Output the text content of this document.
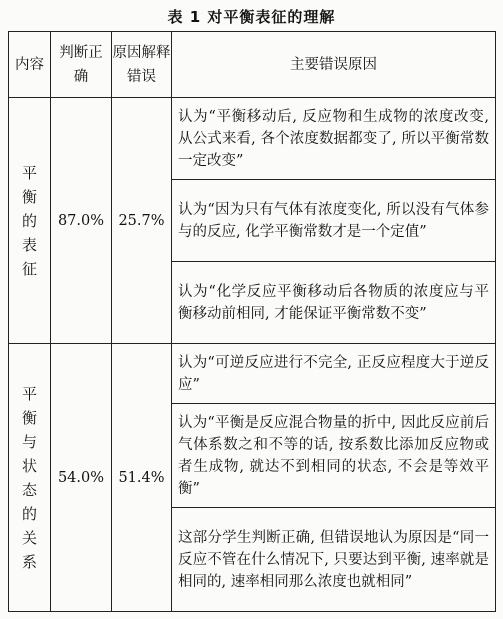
表 1 对平衡表征的理解
内容	判断正确	原因解释错误	主要错误原因

平衡的表征	87.0%	25.7%	认为“平衡移动后, 反应物和生成物的浓度改变, 从公式来看, 各个浓度数据都变了, 所以平衡常数一定改变”
			认为“因为只有气体有浓度变化, 所以没有气体参与的反应, 化学平衡常数才是一个定值”
			认为“化学反应平衡移动后各物质的浓度应与平衡移动前相同, 才能保证平衡常数不变”

平衡与状态的关系	54.0%	51.4%	认为“可逆反应进行不完全, 正反应程度大于逆反应”
			认为“平衡是反应混合物量的折中, 因此反应前后气体系数之和不等的话, 按系数比添加反应物或者生成物, 就达不到相同的状态, 不会是等效平衡”
			这部分学生判断正确, 但错误地认为原因是“同一反应不管在什么情况下, 只要达到平衡, 速率就是相同的, 速率相同那么浓度也就相同”
